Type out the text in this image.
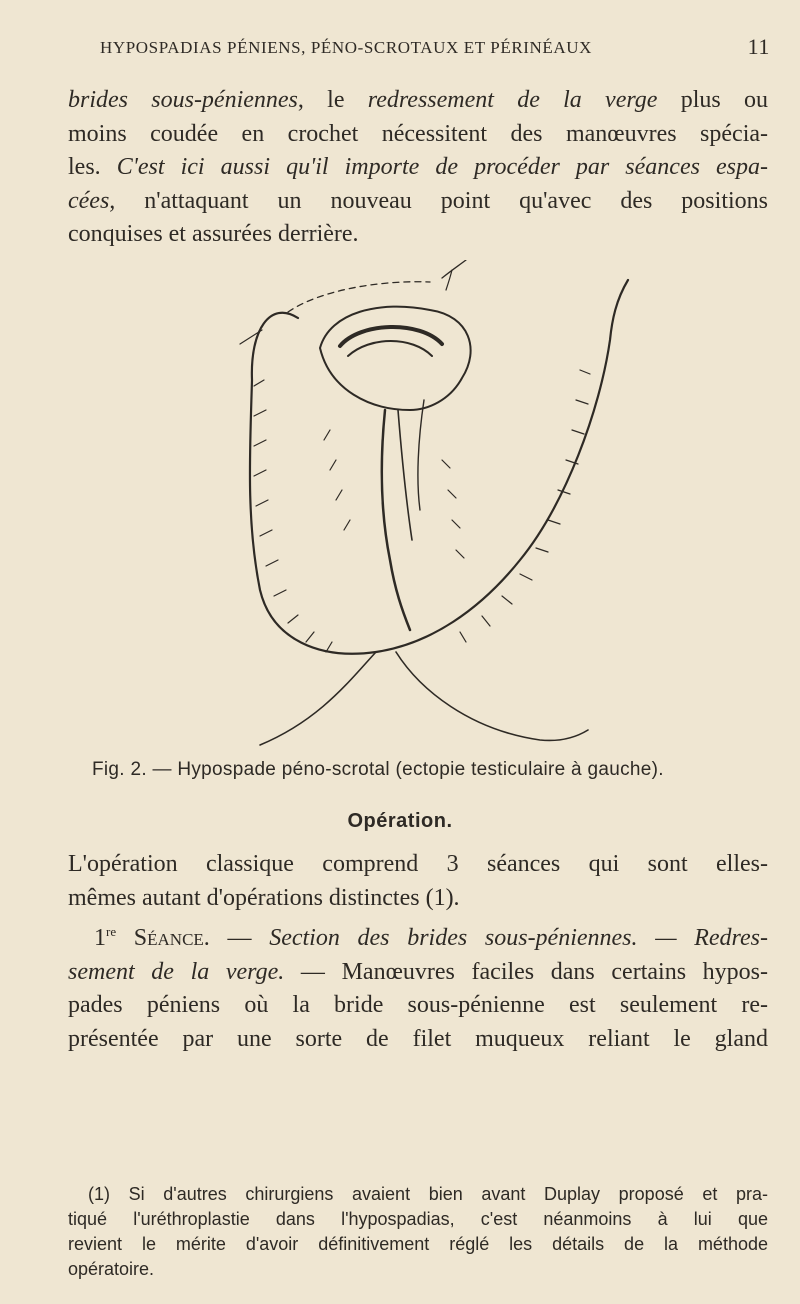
HYPOSPADIAS PÉNIENS, PÉNO-SCROTAUX ET PÉRINÉAUX	11
brides sous-péniennes, le redressement de la verge plus ou
moins coudée en crochet nécessitent des manœuvres spécia-
les. C'est ici aussi qu'il importe de procéder par séances espa-
cées, n'attaquant un nouveau point qu'avec des positions
conquises et assurées derrière.
Fig. 2. — Hypospade péno-scrotal (ectopie testiculaire à gauche).
Opération.
L'opération classique comprend 3 séances qui sont elles-
mêmes autant d'opérations distinctes (1).
1re Séance. — Section des brides sous-péniennes. — Redres-
sement de la verge. — Manœuvres faciles dans certains hypos-
pades péniens où la bride sous-pénienne est seulement re-
présentée par une sorte de filet muqueux reliant le gland
(1) Si d'autres chirurgiens avaient bien avant Duplay proposé et pra-
tiqué l'uréthroplastie dans l'hypospadias, c'est néanmoins à lui que
revient le mérite d'avoir définitivement réglé les détails de la méthode
opératoire.
